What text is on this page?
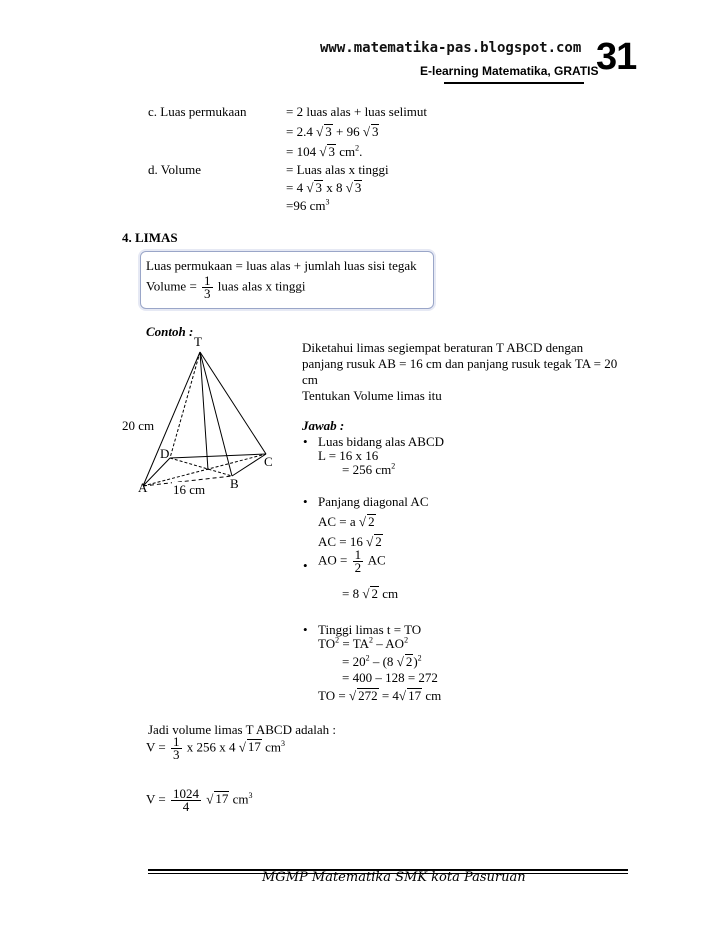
www.matematika-pas.blogspot.com
E-learning Matematika, GRATIS
31
c. Luas permukaan	= 2 luas alas + luas selimut
= 2.4 √ 3 + 96 √ 3
= 104 √ 3 $cm^2$.
d. Volume	= Luas alas x tinggi
= 4 √ 3 x 8 √ 3
=96 $cm^3$
4. LIMAS
Luas permukaan = luas alas + jumlah luas sisi tegak
Volume = $\frac{1}{3}$ luas alas x tinggi
Contoh :
Diketahui limas segiempat beraturan T ABCD dengan
panjang rusuk AB = 16 cm dan panjang rusuk tegak TA = 20
cm
Tentukan Volume limas itu
T
D
C
A	B
20 cm
16 cm
Jawab :
• Luas bidang alas ABCD
L = 16 x 16
= 256 $cm^2$
• Panjang diagonal AC
AC = a √ 2
AC = 16 √ 2
• AO = $\frac{1}{2}$ AC
= 8 √ 2 cm
• Tinggi limas t = TO
$TO^2 = TA^2 - AO^2$
= $20^2 - (8$ √ 2)$^2$
= 400 – 128 = 272
TO = √ 272 = 4√ 17 cm
Jadi volume limas T ABCD adalah :
$V = \frac{1}{3}$ x 256 x 4 √ 17 $cm^3$
$V = \frac{1024}{4}$ √ 17 $cm^3$
MGMP Matematika SMK kota Pasuruan
